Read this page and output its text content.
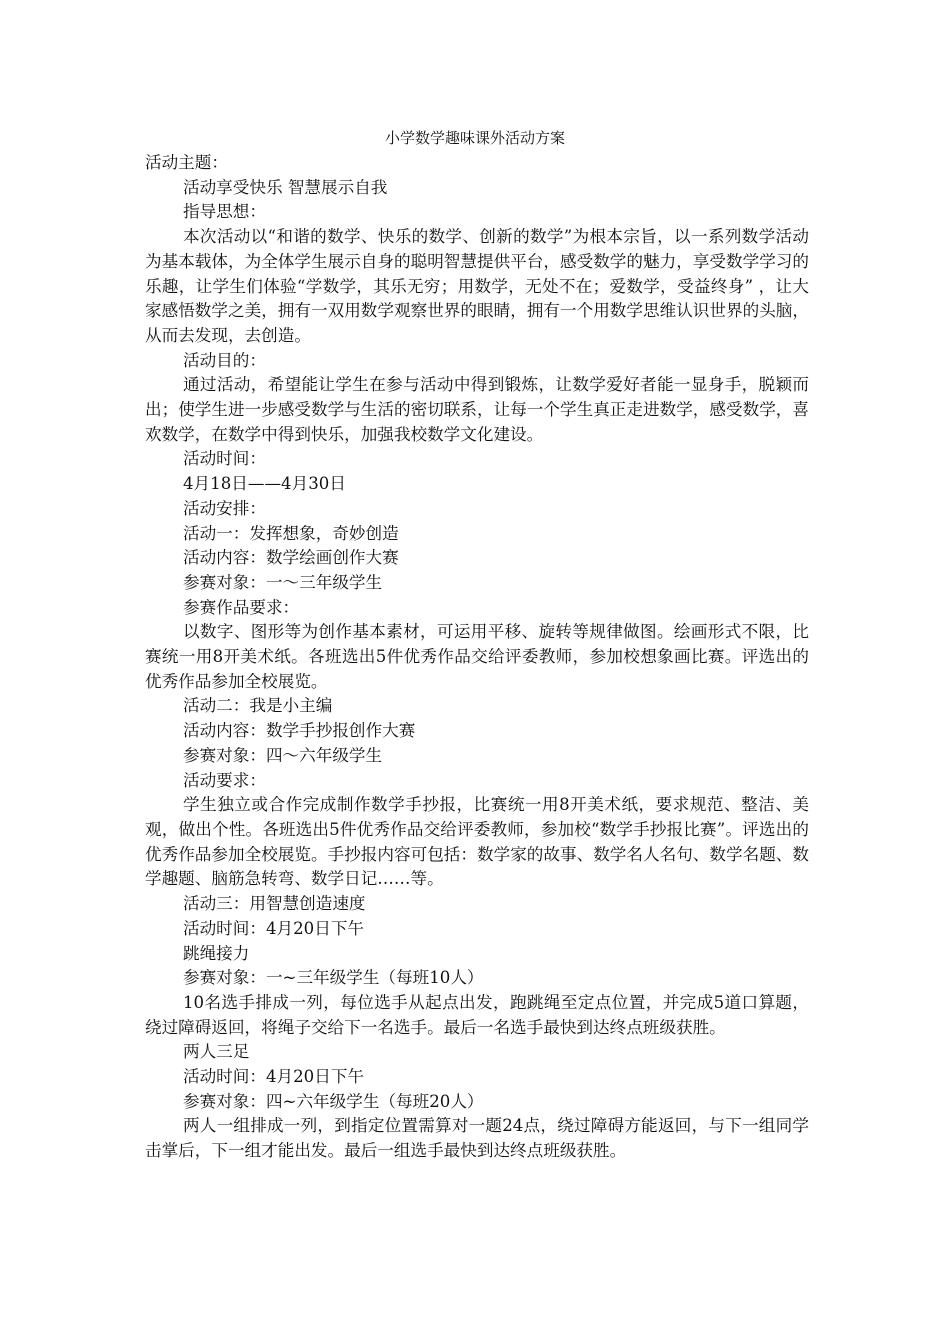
小学数学趣味课外活动方案

活动主题：

活动享受快乐 智慧展示自我

指导思想：

本次活动以“和谐的数学、快乐的数学、创新的数学”为根本宗旨，以一系列数学活动为基本载体，为全体学生展示自身的聪明智慧提供平台，感受数学的魅力，享受数学学习的乐趣，让学生们体验“学数学，其乐无穷；用数学，无处不在；爱数学，受益终身” ，让大家感悟数学之美，拥有一双用数学观察世界的眼睛，拥有一个用数学思维认识世界的头脑，从而去发现，去创造。

活动目的：

通过活动，希望能让学生在参与活动中得到锻炼，让数学爱好者能一显身手，脱颖而出；使学生进一步感受数学与生活的密切联系，让每一个学生真正走进数学，感受数学，喜欢数学，在数学中得到快乐，加强我校数学文化建设。

活动时间：

4月18日——4月30日

活动安排：

活动一：发挥想象，奇妙创造

活动内容：数学绘画创作大赛

参赛对象：一～三年级学生

参赛作品要求：

以数字、图形等为创作基本素材，可运用平移、旋转等规律做图。绘画形式不限，比赛统一用8开美术纸。各班选出5件优秀作品交给评委教师，参加校想象画比赛。评选出的优秀作品参加全校展览。

活动二：我是小主编

活动内容：数学手抄报创作大赛

参赛对象：四～六年级学生

活动要求：

学生独立或合作完成制作数学手抄报，比赛统一用8开美术纸，要求规范、整洁、美观，做出个性。各班选出5件优秀作品交给评委教师，参加校“数学手抄报比赛”。评选出的优秀作品参加全校展览。手抄报内容可包括：数学家的故事、数学名人名句、数学名题、数学趣题、脑筋急转弯、数学日记……等。

活动三：用智慧创造速度

活动时间：4月20日下午

跳绳接力

参赛对象：一~三年级学生（每班10人）

10名选手排成一列，每位选手从起点出发，跑跳绳至定点位置，并完成5道口算题，绕过障碍返回，将绳子交给下一名选手。最后一名选手最快到达终点班级获胜。

两人三足

活动时间：4月20日下午

参赛对象：四~六年级学生（每班20人）

两人一组排成一列，到指定位置需算对一题24点，绕过障碍方能返回，与下一组同学击掌后，下一组才能出发。最后一组选手最快到达终点班级获胜。
